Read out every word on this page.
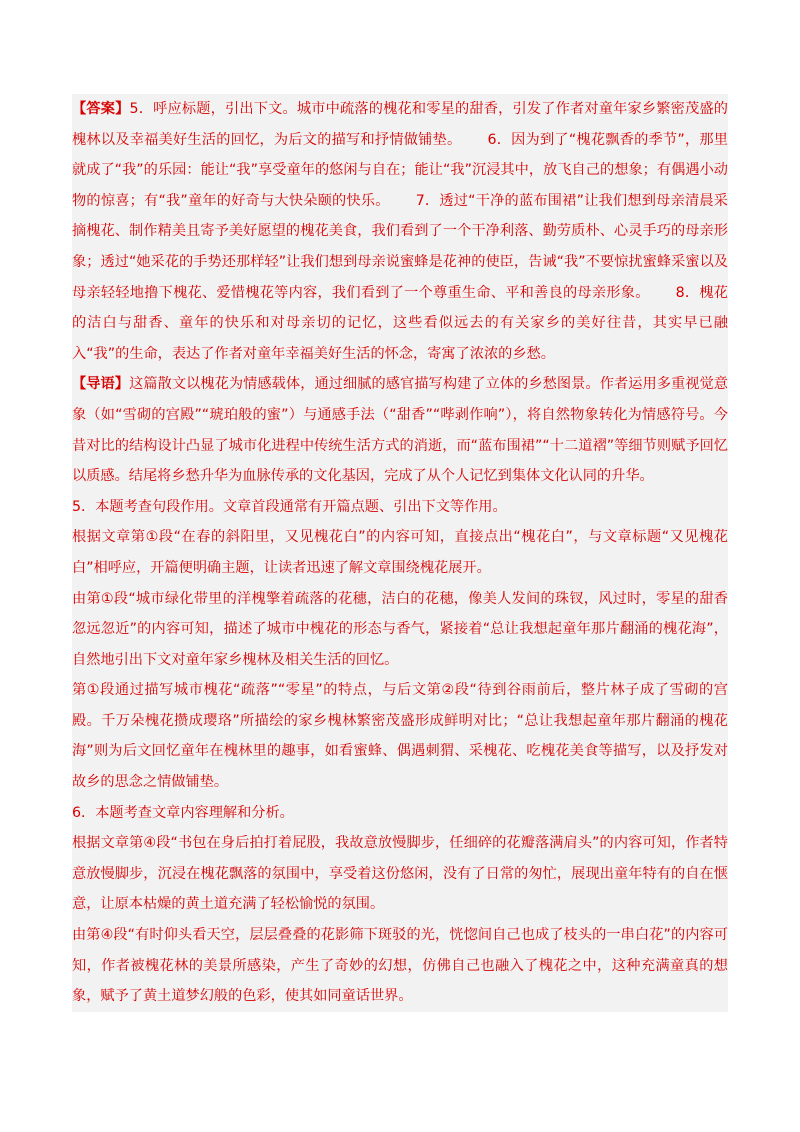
【答案】5．呼应标题，引出下文。城市中疏落的槐花和零星的甜香，引发了作者对童年家乡繁密茂盛的槐林以及幸福美好生活的回忆，为后文的描写和抒情做铺垫。 6．因为到了“槐花飘香的季节”，那里就成了“我”的乐园：能让“我”享受童年的悠闲与自在；能让“我”沉浸其中，放飞自己的想象；有偶遇小动物的惊喜；有“我”童年的好奇与大快朵颐的快乐。 7．透过“干净的蓝布围裙”让我们想到母亲清晨采摘槐花、制作精美且寄予美好愿望的槐花美食，我们看到了一个干净利落、勤劳质朴、心灵手巧的母亲形象；透过“她采花的手势还那样轻”让我们想到母亲说蜜蜂是花神的使臣，告诫“我”不要惊扰蜜蜂采蜜以及母亲轻轻地撸下槐花、爱惜槐花等内容，我们看到了一个尊重生命、平和善良的母亲形象。 8．槐花的洁白与甜香、童年的快乐和对母亲切的记忆，这些看似远去的有关家乡的美好往昔，其实早已融入“我”的生命，表达了作者对童年幸福美好生活的怀念，寄寓了浓浓的乡愁。

【导语】这篇散文以槐花为情感载体，通过细腻的感官描写构建了立体的乡愁图景。作者运用多重视觉意象（如“雪砌的宫殿”“琥珀般的蜜”）与通感手法（“甜香”“哔剥作响”），将自然物象转化为情感符号。今昔对比的结构设计凸显了城市化进程中传统生活方式的消逝，而“蓝布围裙”“十二道褶”等细节则赋予回忆以质感。结尾将乡愁升华为血脉传承的文化基因，完成了从个人记忆到集体文化认同的升华。

5．本题考查句段作用。文章首段通常有开篇点题、引出下文等作用。

根据文章第①段“在春的斜阳里，又见槐花白”的内容可知，直接点出“槐花白”，与文章标题“又见槐花白”相呼应，开篇便明确主题，让读者迅速了解文章围绕槐花展开。

由第①段“城市绿化带里的洋槐擎着疏落的花穗，洁白的花穗，像美人发间的珠钗，风过时，零星的甜香忽远忽近”的内容可知，描述了城市中槐花的形态与香气，紧接着“总让我想起童年那片翻涌的槐花海”，自然地引出下文对童年家乡槐林及相关生活的回忆。

第①段通过描写城市槐花“疏落”“零星”的特点，与后文第②段“待到谷雨前后，整片林子成了雪砌的宫殿。千万朵槐花攒成璎珞”所描绘的家乡槐林繁密茂盛形成鲜明对比；“总让我想起童年那片翻涌的槐花海”则为后文回忆童年在槐林里的趣事，如看蜜蜂、偶遇刺猬、采槐花、吃槐花美食等描写，以及抒发对故乡的思念之情做铺垫。

6．本题考查文章内容理解和分析。

根据文章第④段“书包在身后拍打着屁股，我故意放慢脚步，任细碎的花瓣落满肩头”的内容可知，作者特意放慢脚步，沉浸在槐花飘落的氛围中，享受着这份悠闲，没有了日常的匆忙，展现出童年特有的自在惬意，让原本枯燥的黄土道充满了轻松愉悦的氛围。

由第④段“有时仰头看天空，层层叠叠的花影筛下斑驳的光，恍惚间自己也成了枝头的一串白花”的内容可知，作者被槐花林的美景所感染，产生了奇妙的幻想，仿佛自己也融入了槐花之中，这种充满童真的想象，赋予了黄土道梦幻般的色彩，使其如同童话世界。
